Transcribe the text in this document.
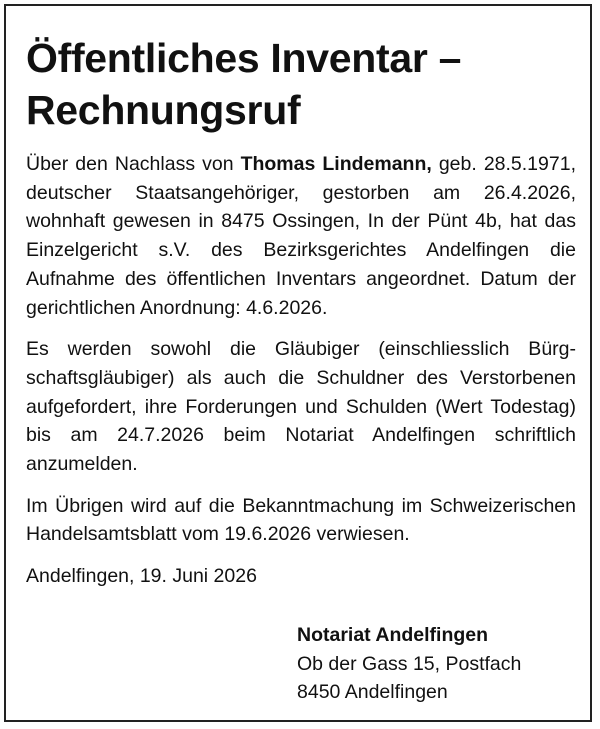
Öffentliches Inventar –
Rechnungsruf

Über den Nachlass von Thomas Lindemann, geb. 28.5.1971, deutscher Staatsangehöriger, gestorben am 26.4.2026, wohnhaft gewesen in 8475 Ossingen, In der Pünt 4b, hat das Einzelgericht s.V. des Bezirksgerichtes Andelfingen die Aufnahme des öffentlichen Inventars angeordnet. Datum der gerichtlichen Anordnung: 4.6.2026.

Es werden sowohl die Gläubiger (einschliesslich Bürgschaftsgläubiger) als auch die Schuldner des Verstorbenen aufgefordert, ihre Forderungen und Schulden (Wert Todestag) bis am 24.7.2026 beim Notariat Andelfingen schriftlich anzumelden.

Im Übrigen wird auf die Bekanntmachung im Schweizerischen Handelsamtsblatt vom 19.6.2026 verwiesen.

Andelfingen, 19. Juni 2026

Notariat Andelfingen
Ob der Gass 15, Postfach
8450 Andelfingen
